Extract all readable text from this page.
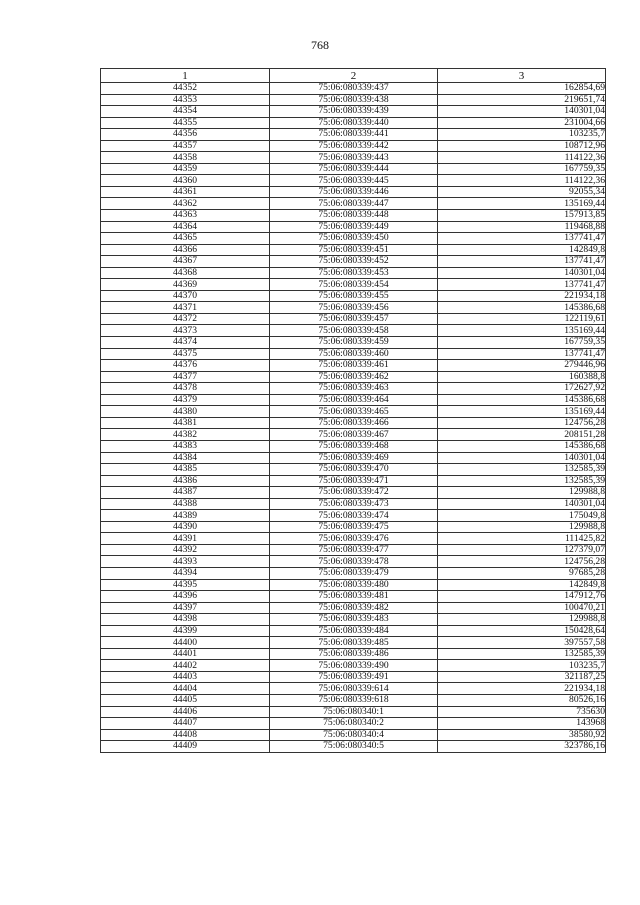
768
1	2	3
44352	75:06:080339:437	162854,69
44353	75:06:080339:438	219651,74
44354	75:06:080339:439	140301,04
44355	75:06:080339:440	231004,66
44356	75:06:080339:441	103235,7
44357	75:06:080339:442	108712,96
44358	75:06:080339:443	114122,36
44359	75:06:080339:444	167759,35
44360	75:06:080339:445	114122,36
44361	75:06:080339:446	92055,34
44362	75:06:080339:447	135169,44
44363	75:06:080339:448	157913,85
44364	75:06:080339:449	119468,88
44365	75:06:080339:450	137741,47
44366	75:06:080339:451	142849,8
44367	75:06:080339:452	137741,47
44368	75:06:080339:453	140301,04
44369	75:06:080339:454	137741,47
44370	75:06:080339:455	221934,18
44371	75:06:080339:456	145386,68
44372	75:06:080339:457	122119,61
44373	75:06:080339:458	135169,44
44374	75:06:080339:459	167759,35
44375	75:06:080339:460	137741,47
44376	75:06:080339:461	279446,96
44377	75:06:080339:462	160388,8
44378	75:06:080339:463	172627,92
44379	75:06:080339:464	145386,68
44380	75:06:080339:465	135169,44
44381	75:06:080339:466	124756,28
44382	75:06:080339:467	208151,28
44383	75:06:080339:468	145386,68
44384	75:06:080339:469	140301,04
44385	75:06:080339:470	132585,39
44386	75:06:080339:471	132585,39
44387	75:06:080339:472	129988,8
44388	75:06:080339:473	140301,04
44389	75:06:080339:474	175049,8
44390	75:06:080339:475	129988,8
44391	75:06:080339:476	111425,82
44392	75:06:080339:477	127379,07
44393	75:06:080339:478	124756,28
44394	75:06:080339:479	97685,28
44395	75:06:080339:480	142849,8
44396	75:06:080339:481	147912,76
44397	75:06:080339:482	100470,21
44398	75:06:080339:483	129988,8
44399	75:06:080339:484	150428,64
44400	75:06:080339:485	397557,58
44401	75:06:080339:486	132585,39
44402	75:06:080339:490	103235,7
44403	75:06:080339:491	321187,25
44404	75:06:080339:614	221934,18
44405	75:06:080339:618	80526,16
44406	75:06:080340:1	735630
44407	75:06:080340:2	143968
44408	75:06:080340:4	38580,92
44409	75:06:080340:5	323786,16
